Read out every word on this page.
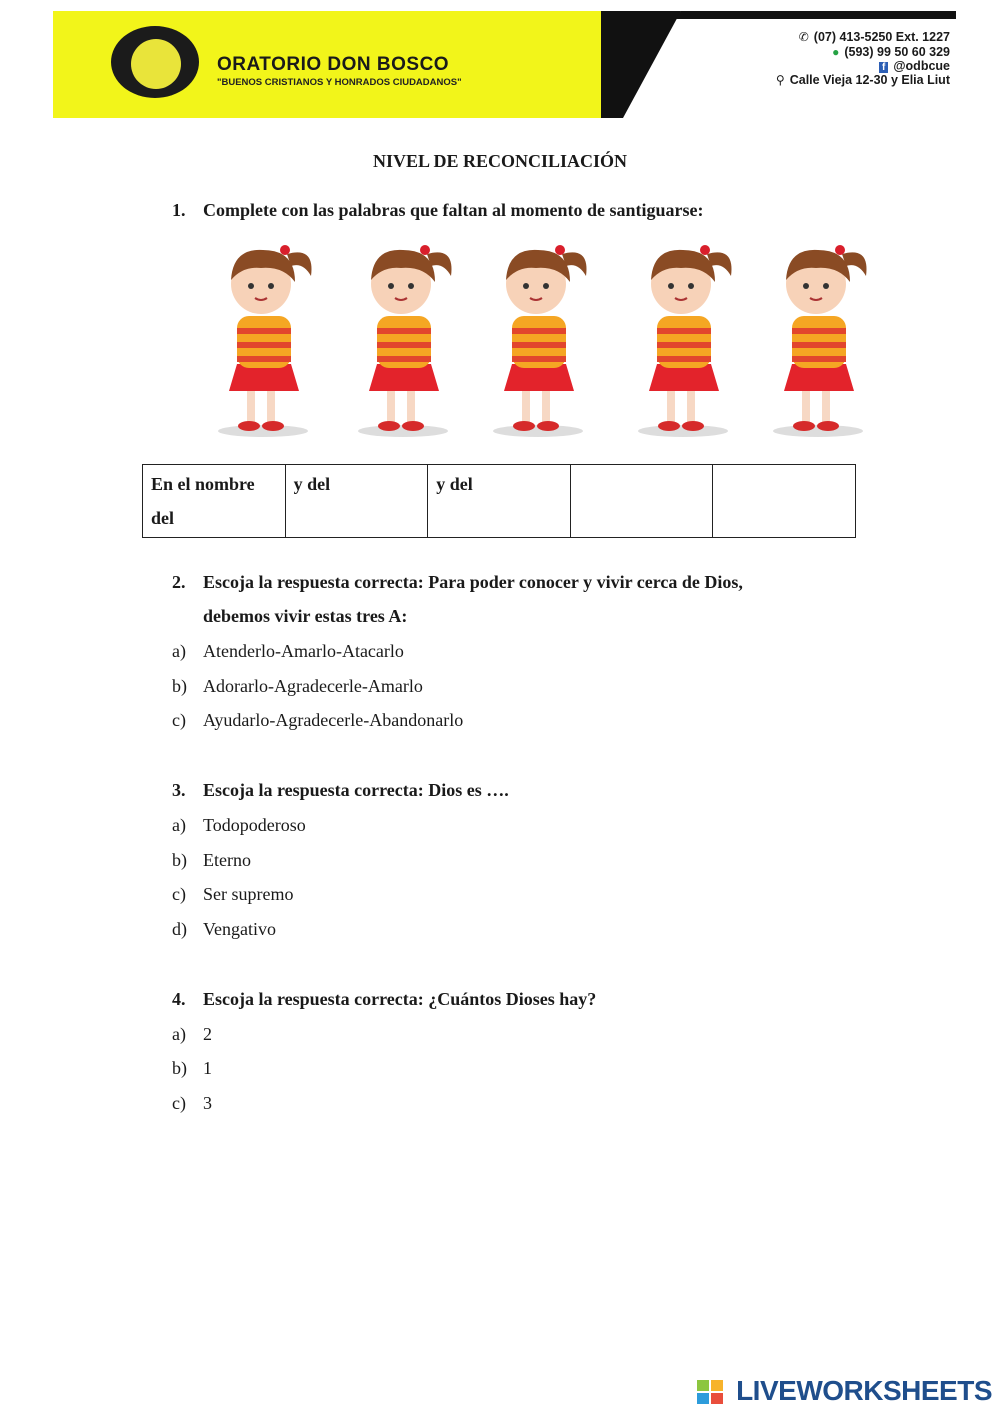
ORATORIO DON BOSCO
"BUENOS CRISTIANOS Y HONRADOS CIUDADANOS"
✆ (07) 413-5250 Ext. 1227
● (593) 99 50 60 329
f @odbcue
⚲ Calle Vieja 12-30 y Elia Liut
NIVEL DE RECONCILIACIÓN
1. Complete con las palabras que faltan al momento de santiguarse:
En el nombre del	y del	y del		
2. Escoja la respuesta correcta: Para poder conocer y vivir cerca de Dios,
debemos vivir estas tres A:
a) Atenderlo-Amarlo-Atacarlo
b) Adorarlo-Agradecerle-Amarlo
c) Ayudarlo-Agradecerle-Abandonarlo
3. Escoja la respuesta correcta: Dios es ….
a) Todopoderoso
b) Eterno
c) Ser supremo
d) Vengativo
4. Escoja la respuesta correcta: ¿Cuántos Dioses hay?
a) 2
b) 1
c) 3
LIVEWORKSHEETS
